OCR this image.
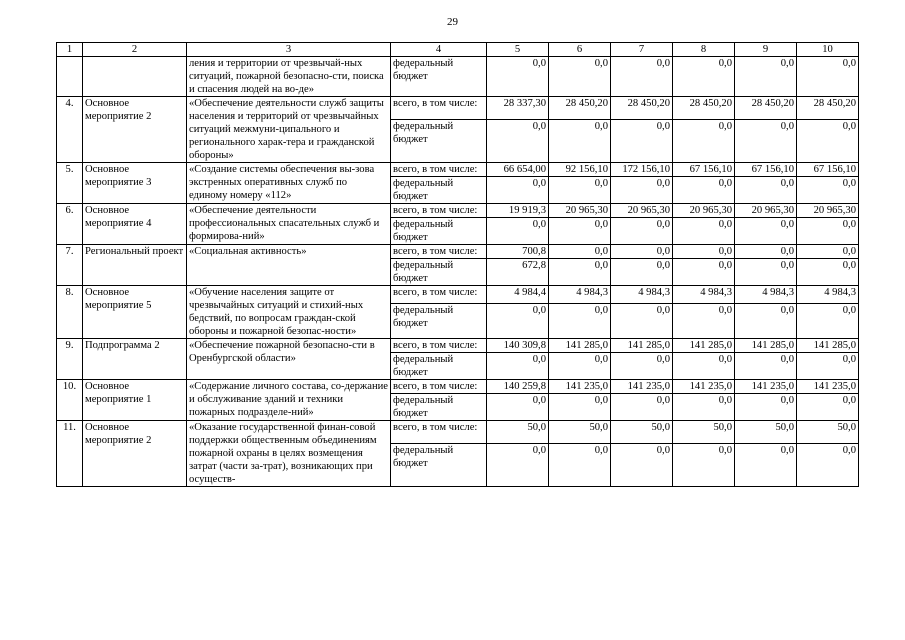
29
1	2	3	4	5	6	7	8	9	10
		ления и территории от чрезвычай-ных ситуаций, пожарной безопасно-сти, поиска и спасения людей на во-де»	федеральный бюджет	0,0	0,0	0,0	0,0	0,0	0,0
4.	Основное мероприятие 2	«Обеспечение деятельности служб защиты населения и территорий от чрезвычайных ситуаций межмуни-ципального и регионального харак-тера и гражданской обороны»	всего, в том числе:	28 337,30	28 450,20	28 450,20	28 450,20	28 450,20	28 450,20
			федеральный бюджет	0,0	0,0	0,0	0,0	0,0	0,0
5.	Основное мероприятие 3	«Создание системы обеспечения вы-зова экстренных оперативных служб по единому номеру «112»	всего, в том числе:	66 654,00	92 156,10	172 156,10	67 156,10	67 156,10	67 156,10
			федеральный бюджет	0,0	0,0	0,0	0,0	0,0	0,0
6.	Основное мероприятие 4	«Обеспечение деятельности профессиональных спасательных служб и формирова-ний»	всего, в том числе:	19 919,3	20 965,30	20 965,30	20 965,30	20 965,30	20 965,30
			федеральный бюджет	0,0	0,0	0,0	0,0	0,0	0,0
7.	Региональный проект	«Социальная активность»	всего, в том числе:	700,8	0,0	0,0	0,0	0,0	0,0
			федеральный бюджет	672,8	0,0	0,0	0,0	0,0	0,0
8.	Основное мероприятие 5	«Обучение населения защите от чрезвычайных ситуаций и стихий-ных бедствий, по вопросам граждан-ской обороны и пожарной безопас-ности»	всего, в том числе:	4 984,4	4 984,3	4 984,3	4 984,3	4 984,3	4 984,3
			федеральный бюджет	0,0	0,0	0,0	0,0	0,0	0,0
9.	Подпрограмма 2	«Обеспечение пожарной безопасно-сти в Оренбургской области»	всего, в том числе:	140 309,8	141 285,0	141 285,0	141 285,0	141 285,0	141 285,0
			федеральный бюджет	0,0	0,0	0,0	0,0	0,0	0,0
10.	Основное мероприятие 1	«Содержание личного состава, со-держание и обслуживание зданий и техники пожарных подразделе-ний»	всего, в том числе:	140 259,8	141 235,0	141 235,0	141 235,0	141 235,0	141 235,0
			федеральный бюджет	0,0	0,0	0,0	0,0	0,0	0,0
11.	Основное мероприятие 2	«Оказание государственной финан-совой поддержки общественным объединениям пожарной охраны в целях возмещения затрат (части за-трат), возникающих при осуществ-	всего, в том числе:	50,0	50,0	50,0	50,0	50,0	50,0
			федеральный бюджет	0,0	0,0	0,0	0,0	0,0	0,0
